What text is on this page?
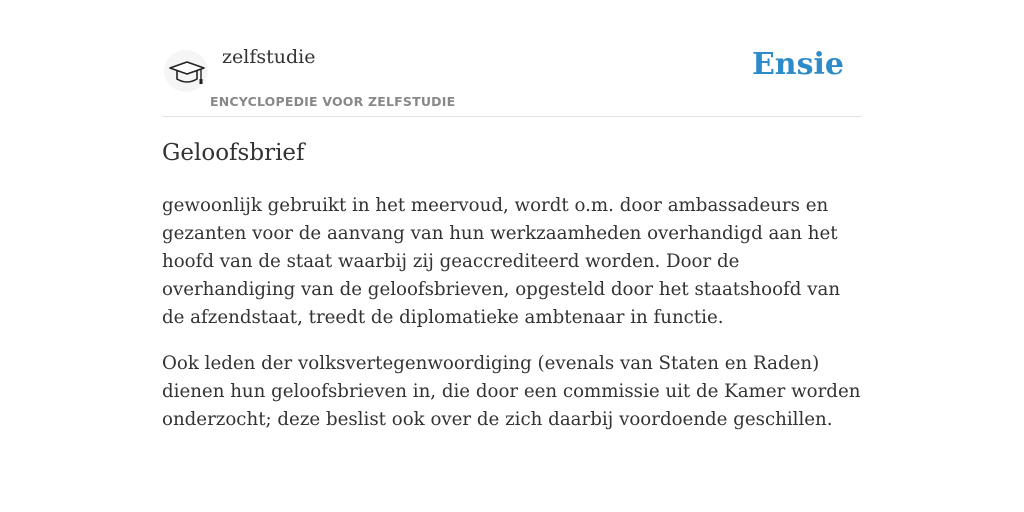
zelfstudie
ENCYCLOPEDIE VOOR ZELFSTUDIE
Ensie
Geloofsbrief

gewoonlijk gebruikt in het meervoud, wordt o.m. door ambassadeurs en gezanten voor de aanvang van hun werkzaamheden overhandigd aan het hoofd van de staat waarbij zij geaccrediteerd worden. Door de overhandiging van de geloofsbrieven, opgesteld door het staatshoofd van de afzendstaat, treedt de diplomatieke ambtenaar in functie.

Ook leden der volksvertegenwoordiging (evenals van Staten en Raden) dienen hun geloofsbrieven in, die door een commissie uit de Kamer worden onderzocht; deze beslist ook over de zich daarbij voordoende geschillen.
